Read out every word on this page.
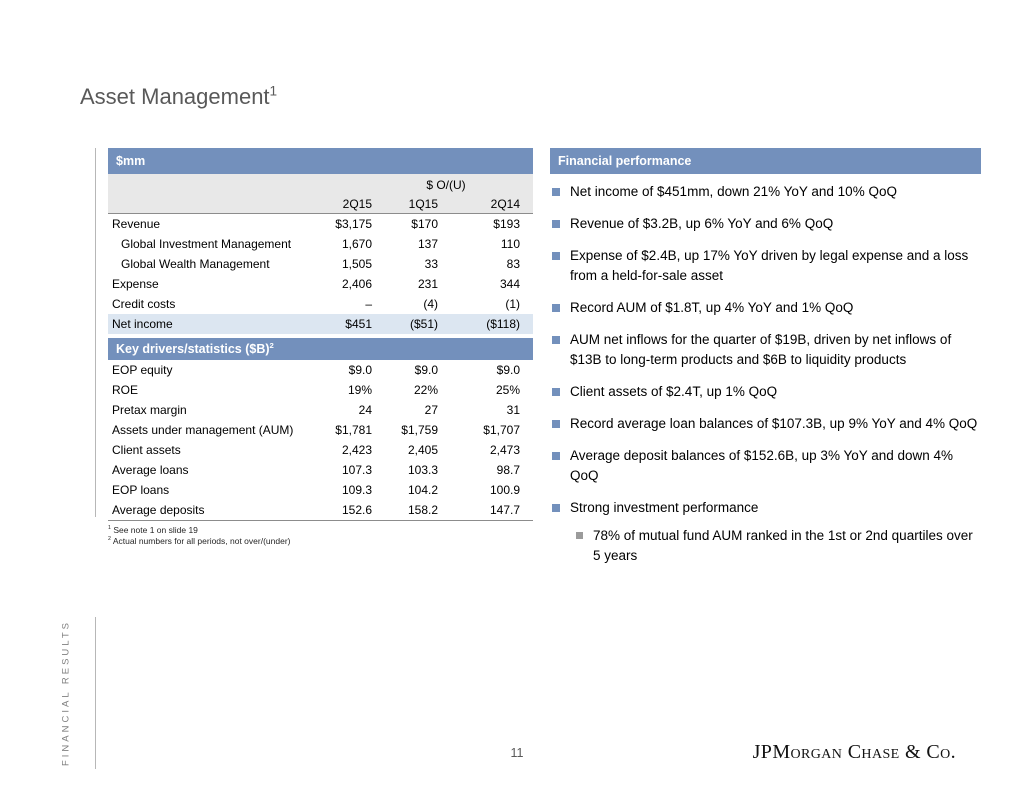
Asset Management$^1$
FINANCIAL RESULTS
$mm
$ O/(U)
2Q15	1Q15	2Q14
Revenue	$3,175	$170	$193
Global Investment Management	1,670	137	110
Global Wealth Management	1,505	33	83
Expense	2,406	231	344
Credit costs	–	(4)	(1)
Net income	$451	($51)	($118)
Key drivers/statistics ($B)$^2$
EOP equity	$9.0	$9.0	$9.0
ROE	19%	22%	25%
Pretax margin	24	27	31
Assets under management (AUM)	$1,781	$1,759	$1,707
Client assets	2,423	2,405	2,473
Average loans	107.3	103.3	98.7
EOP loans	109.3	104.2	100.9
Average deposits	152.6	158.2	147.7
$^1$ See note 1 on slide 19
$^2$ Actual numbers for all periods, not over/(under)
Financial performance
Net income of $451mm, down 21% YoY and 10% QoQ
Revenue of $3.2B, up 6% YoY and 6% QoQ
Expense of $2.4B, up 17% YoY driven by legal expense and a loss from a held-for-sale asset
Record AUM of $1.8T, up 4% YoY and 1% QoQ
AUM net inflows for the quarter of $19B, driven by net inflows of $13B to long-term products and $6B to liquidity products
Client assets of $2.4T, up 1% QoQ
Record average loan balances of $107.3B, up 9% YoY and 4% QoQ
Average deposit balances of $152.6B, up 3% YoY and down 4% QoQ
Strong investment performance
78% of mutual fund AUM ranked in the 1st or 2nd quartiles over 5 years
11	JPMorgan Chase & Co.
